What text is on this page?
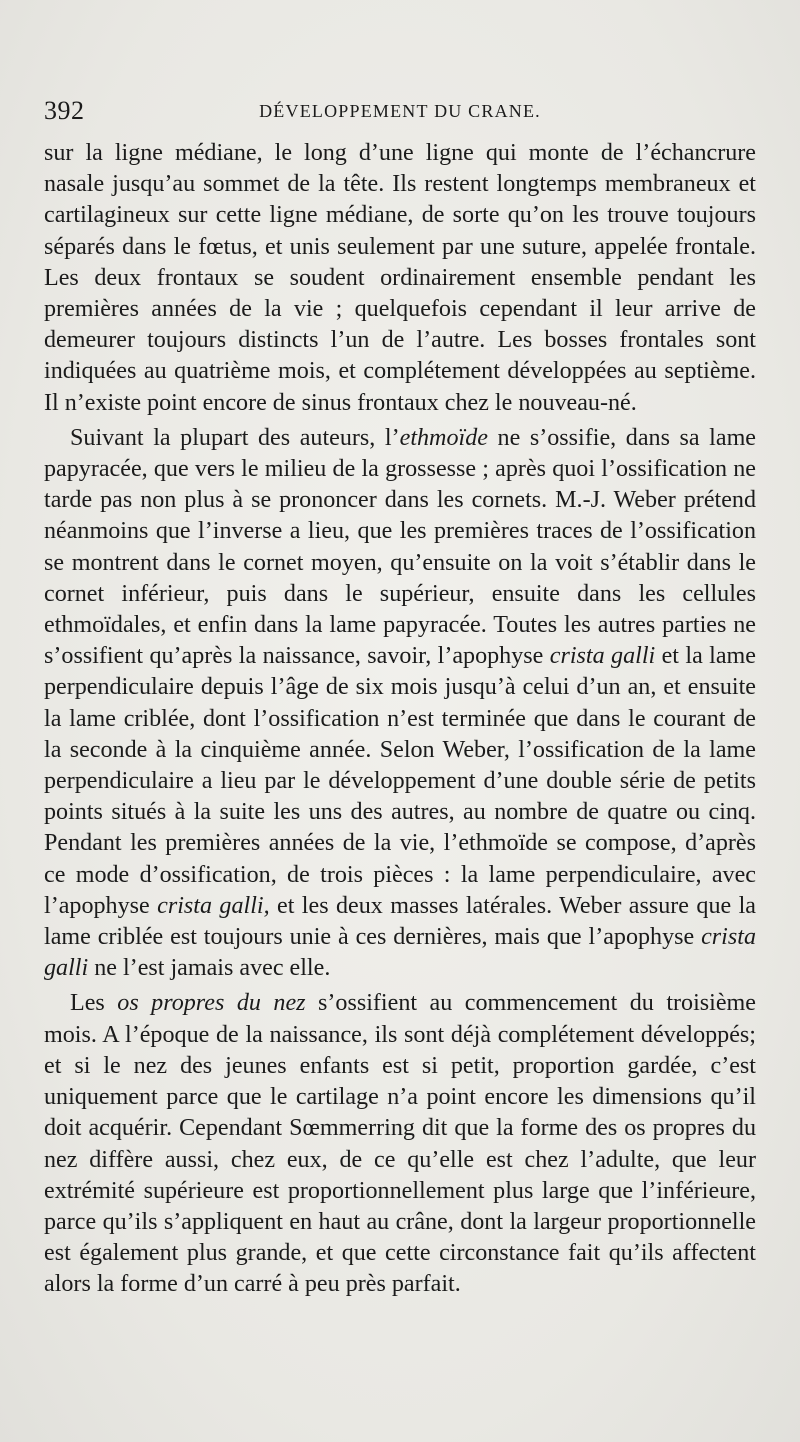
392	DÉVELOPPEMENT DU CRANE.

sur la ligne médiane, le long d’une ligne qui monte de l’échancrure nasale jusqu’au sommet de la tête. Ils restent longtemps membraneux et cartilagineux sur cette ligne médiane, de sorte qu’on les trouve toujours séparés dans le fœtus, et unis seulement par une suture, appelée frontale. Les deux frontaux se soudent ordinairement ensemble pendant les premières années de la vie ; quelquefois cependant il leur arrive de demeurer toujours distincts l’un de l’autre. Les bosses frontales sont indiquées au quatrième mois, et complétement développées au septième. Il n’existe point encore de sinus frontaux chez le nouveau-né.

Suivant la plupart des auteurs, l’ethmoïde ne s’ossifie, dans sa lame papyracée, que vers le milieu de la grossesse ; après quoi l’ossification ne tarde pas non plus à se prononcer dans les cornets. M.-J. Weber prétend néanmoins que l’inverse a lieu, que les premières traces de l’ossification se montrent dans le cornet moyen, qu’ensuite on la voit s’établir dans le cornet inférieur, puis dans le supérieur, ensuite dans les cellules ethmoïdales, et enfin dans la lame papyracée. Toutes les autres parties ne s’ossifient qu’après la naissance, savoir, l’apophyse crista galli et la lame perpendiculaire depuis l’âge de six mois jusqu’à celui d’un an, et ensuite la lame criblée, dont l’ossification n’est terminée que dans le courant de la seconde à la cinquième année. Selon Weber, l’ossification de la lame perpendiculaire a lieu par le développement d’une double série de petits points situés à la suite les uns des autres, au nombre de quatre ou cinq. Pendant les premières années de la vie, l’ethmoïde se compose, d’après ce mode d’ossification, de trois pièces : la lame perpendiculaire, avec l’apophyse crista galli, et les deux masses latérales. Weber assure que la lame criblée est toujours unie à ces dernières, mais que l’apophyse crista galli ne l’est jamais avec elle.

Les os propres du nez s’ossifient au commencement du troisième mois. A l’époque de la naissance, ils sont déjà complétement développés; et si le nez des jeunes enfants est si petit, proportion gardée, c’est uniquement parce que le cartilage n’a point encore les dimensions qu’il doit acquérir. Cependant Sœmmerring dit que la forme des os propres du nez diffère aussi, chez eux, de ce qu’elle est chez l’adulte, que leur extrémité supérieure est proportionnellement plus large que l’inférieure, parce qu’ils s’appliquent en haut au crâne, dont la largeur proportionnelle est également plus grande, et que cette circonstance fait qu’ils affectent alors la forme d’un carré à peu près parfait.
